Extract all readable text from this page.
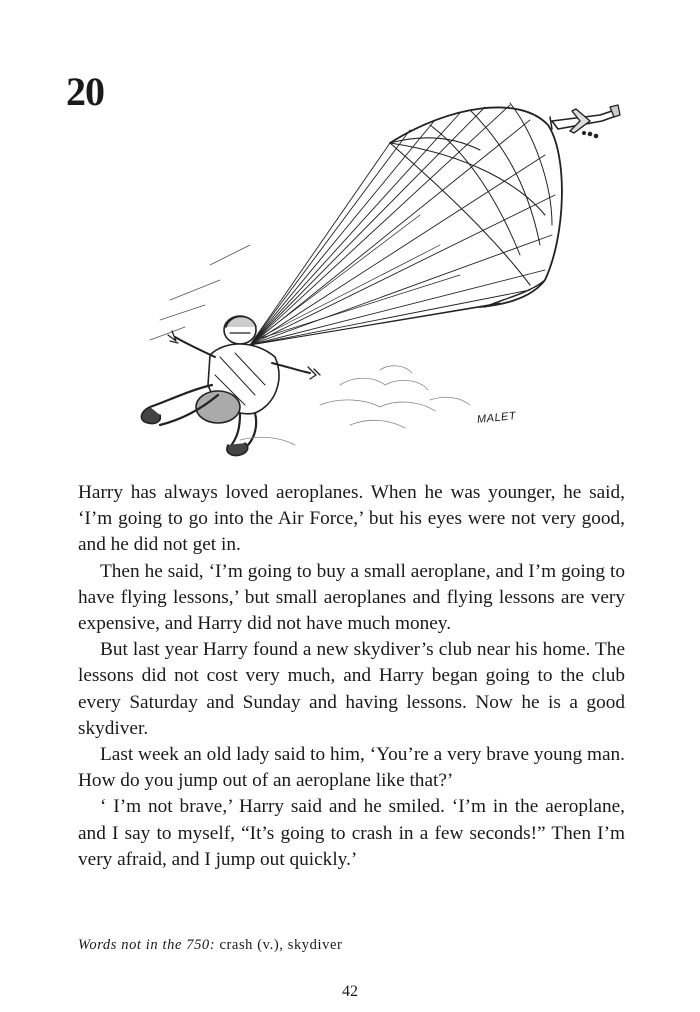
20
MALET

Harry has always loved aeroplanes. When he was younger, he said, ‘I’m going to go into the Air Force,’ but his eyes were not very good, and he did not get in.

Then he said, ‘I’m going to buy a small aeroplane, and I’m going to have flying lessons,’ but small aeroplanes and flying lessons are very expensive, and Harry did not have much money.

But last year Harry found a new skydiver’s club near his home. The lessons did not cost very much, and Harry began going to the club every Saturday and Sunday and having lessons. Now he is a good skydiver.

Last week an old lady said to him, ‘You’re a very brave young man. How do you jump out of an aeroplane like that?’

‘ I’m not brave,’ Harry said and he smiled. ‘I’m in the aeroplane, and I say to myself, “It’s going to crash in a few seconds!” Then I’m very afraid, and I jump out quickly.’

Words not in the 750: crash (v.), skydiver
42
